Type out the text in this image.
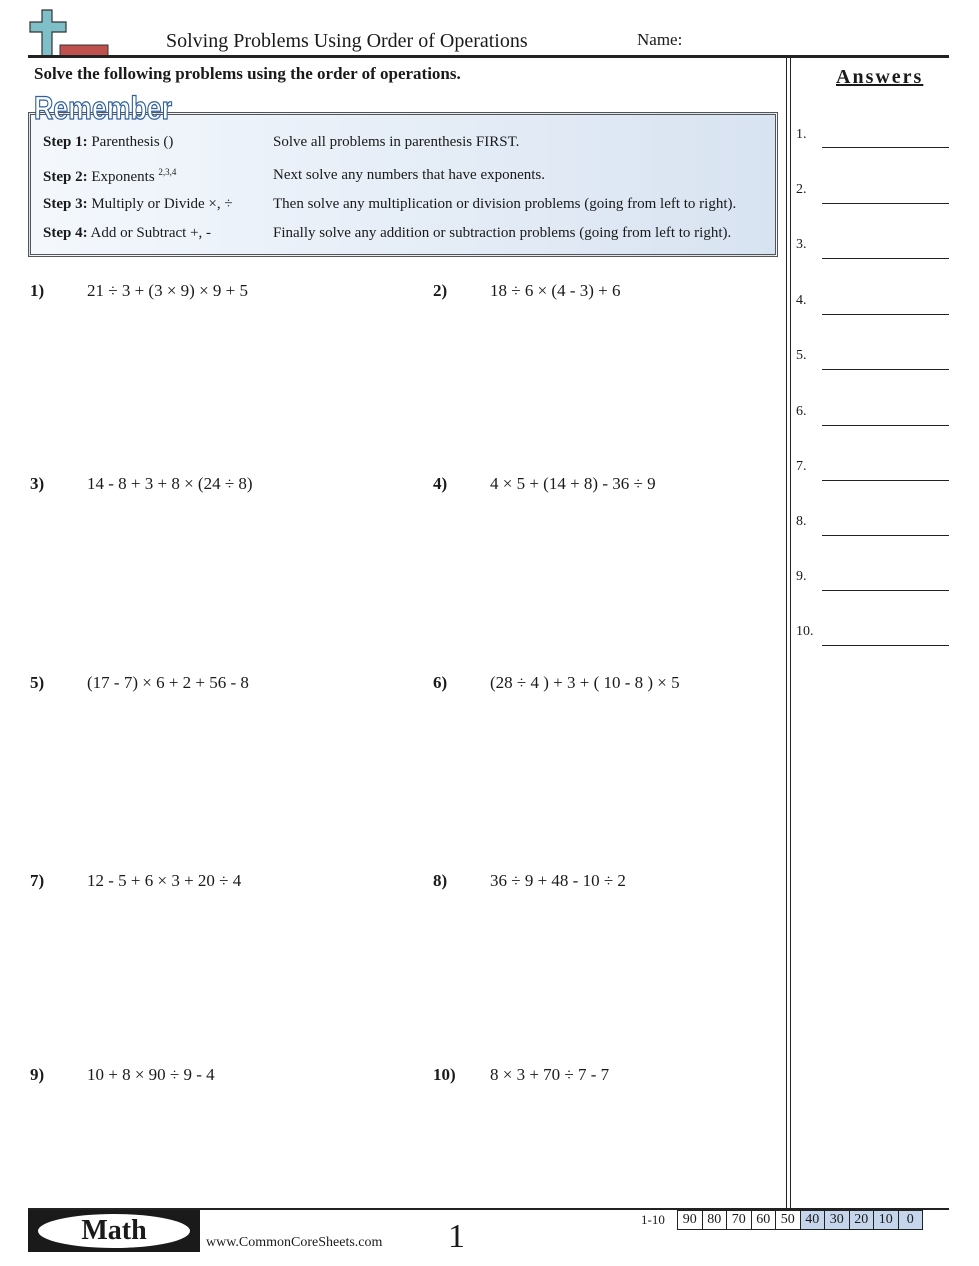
Solving Problems Using Order of Operations	Name:
Solve the following problems using the order of operations.
Step 1: Parenthesis ()	Solve all problems in parenthesis FIRST.
Step 2: Exponents $^{2,3,4}$	Next solve any numbers that have exponents.
Step 3: Multiply or Divide ×, ÷	Then solve any multiplication or division problems (going from left to right).
Step 4: Add or Subtract +, -	Finally solve any addition or subtraction problems (going from left to right).
Remember
1)	21 ÷ 3 + (3 × 9) × 9 + 5	2)	18 ÷ 6 × (4 - 3) + 6
3)	14 - 8 + 3 + 8 × (24 ÷ 8)	4)	4 × 5 + (14 + 8) - 36 ÷ 9
5)	(17 - 7) × 6 + 2 + 56 - 8	6)	(28 ÷ 4 ) + 3 + ( 10 - 8 ) × 5
7)	12 - 5 + 6 × 3 + 20 ÷ 4	8)	36 ÷ 9 + 48 - 10 ÷ 2
9)	10 + 8 × 90 ÷ 9 - 4	10) 8 × 3 + 70 ÷ 7 - 7
Answers
1.
2.
3.
4.
5.
6.
7.
8.
9.
10.
Math	www.CommonCoreSheets.com 1	1-10	90 80 70 60 50 40 30 20 10	0
